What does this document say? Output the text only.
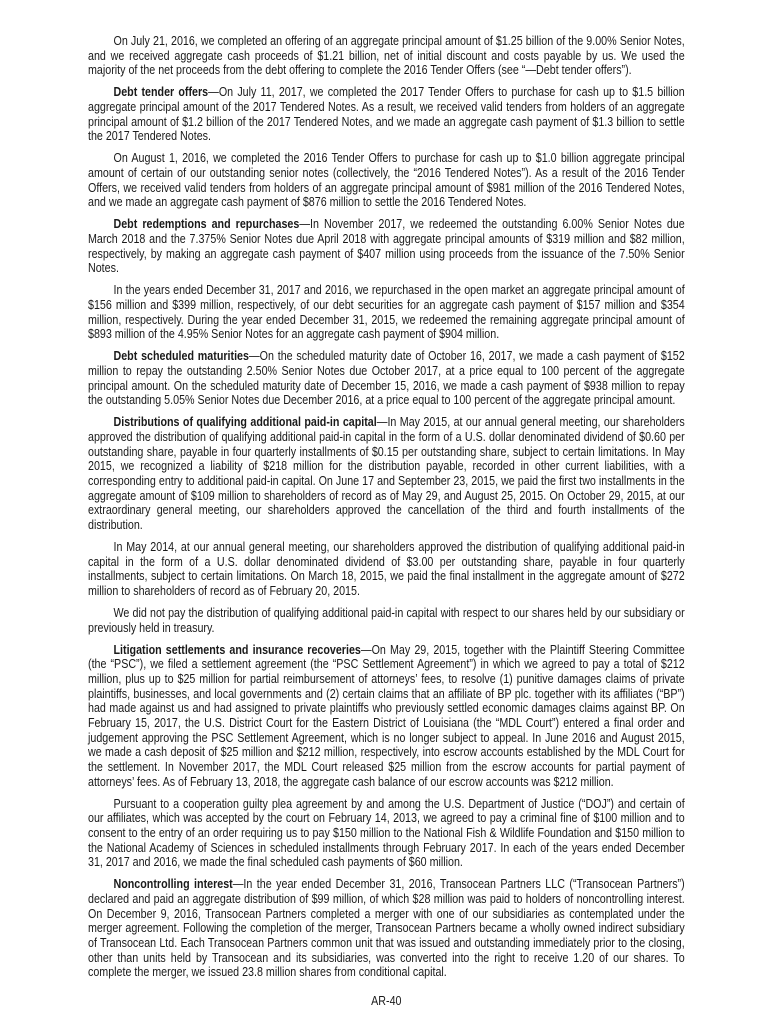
On July 21, 2016, we completed an offering of an aggregate principal amount of $1.25 billion of the 9.00% Senior Notes, and we received aggregate cash proceeds of $1.21 billion, net of initial discount and costs payable by us. We used the majority of the net proceeds from the debt offering to complete the 2016 Tender Offers (see “—Debt tender offers”).

Debt tender offers—On July 11, 2017, we completed the 2017 Tender Offers to purchase for cash up to $1.5 billion aggregate principal amount of the 2017 Tendered Notes. As a result, we received valid tenders from holders of an aggregate principal amount of $1.2 billion of the 2017 Tendered Notes, and we made an aggregate cash payment of $1.3 billion to settle the 2017 Tendered Notes.

On August 1, 2016, we completed the 2016 Tender Offers to purchase for cash up to $1.0 billion aggregate principal amount of certain of our outstanding senior notes (collectively, the “2016 Tendered Notes”). As a result of the 2016 Tender Offers, we received valid tenders from holders of an aggregate principal amount of $981 million of the 2016 Tendered Notes, and we made an aggregate cash payment of $876 million to settle the 2016 Tendered Notes.

Debt redemptions and repurchases—In November 2017, we redeemed the outstanding 6.00% Senior Notes due March 2018 and the 7.375% Senior Notes due April 2018 with aggregate principal amounts of $319 million and $82 million, respectively, by making an aggregate cash payment of $407 million using proceeds from the issuance of the 7.50% Senior Notes.

In the years ended December 31, 2017 and 2016, we repurchased in the open market an aggregate principal amount of $156 million and $399 million, respectively, of our debt securities for an aggregate cash payment of $157 million and $354 million, respectively. During the year ended December 31, 2015, we redeemed the remaining aggregate principal amount of $893 million of the 4.95% Senior Notes for an aggregate cash payment of $904 million.

Debt scheduled maturities—On the scheduled maturity date of October 16, 2017, we made a cash payment of $152 million to repay the outstanding 2.50% Senior Notes due October 2017, at a price equal to 100 percent of the aggregate principal amount. On the scheduled maturity date of December 15, 2016, we made a cash payment of $938 million to repay the outstanding 5.05% Senior Notes due December 2016, at a price equal to 100 percent of the aggregate principal amount.

Distributions of qualifying additional paid-in capital—In May 2015, at our annual general meeting, our shareholders approved the distribution of qualifying additional paid-in capital in the form of a U.S. dollar denominated dividend of $0.60 per outstanding share, payable in four quarterly installments of $0.15 per outstanding share, subject to certain limitations. In May 2015, we recognized a liability of $218 million for the distribution payable, recorded in other current liabilities, with a corresponding entry to additional paid-in capital. On June 17 and September 23, 2015, we paid the first two installments in the aggregate amount of $109 million to shareholders of record as of May 29, and August 25, 2015. On October 29, 2015, at our extraordinary general meeting, our shareholders approved the cancellation of the third and fourth installments of the distribution.

In May 2014, at our annual general meeting, our shareholders approved the distribution of qualifying additional paid-in capital in the form of a U.S. dollar denominated dividend of $3.00 per outstanding share, payable in four quarterly installments, subject to certain limitations. On March 18, 2015, we paid the final installment in the aggregate amount of $272 million to shareholders of record as of February 20, 2015.

We did not pay the distribution of qualifying additional paid-in capital with respect to our shares held by our subsidiary or previously held in treasury.

Litigation settlements and insurance recoveries—On May 29, 2015, together with the Plaintiff Steering Committee (the “PSC”), we filed a settlement agreement (the “PSC Settlement Agreement”) in which we agreed to pay a total of $212 million, plus up to $25 million for partial reimbursement of attorneys’ fees, to resolve (1) punitive damages claims of private plaintiffs, businesses, and local governments and (2) certain claims that an affiliate of BP plc. together with its affiliates (“BP”) had made against us and had assigned to private plaintiffs who previously settled economic damages claims against BP. On February 15, 2017, the U.S. District Court for the Eastern District of Louisiana (the “MDL Court”) entered a final order and judgement approving the PSC Settlement Agreement, which is no longer subject to appeal. In June 2016 and August 2015, we made a cash deposit of $25 million and $212 million, respectively, into escrow accounts established by the MDL Court for the settlement. In November 2017, the MDL Court released $25 million from the escrow accounts for partial payment of attorneys’ fees. As of February 13, 2018, the aggregate cash balance of our escrow accounts was $212 million.

Pursuant to a cooperation guilty plea agreement by and among the U.S. Department of Justice (“DOJ”) and certain of our affiliates, which was accepted by the court on February 14, 2013, we agreed to pay a criminal fine of $100 million and to consent to the entry of an order requiring us to pay $150 million to the National Fish & Wildlife Foundation and $150 million to the National Academy of Sciences in scheduled installments through February 2017. In each of the years ended December 31, 2017 and 2016, we made the final scheduled cash payments of $60 million.

Noncontrolling interest—In the year ended December 31, 2016, Transocean Partners LLC (“Transocean Partners”) declared and paid an aggregate distribution of $99 million, of which $28 million was paid to holders of noncontrolling interest. On December 9, 2016, Transocean Partners completed a merger with one of our subsidiaries as contemplated under the merger agreement. Following the completion of the merger, Transocean Partners became a wholly owned indirect subsidiary of Transocean Ltd. Each Transocean Partners common unit that was issued and outstanding immediately prior to the closing, other than units held by Transocean and its subsidiaries, was converted into the right to receive 1.20 of our shares. To complete the merger, we issued 23.8 million shares from conditional capital.

AR-40
